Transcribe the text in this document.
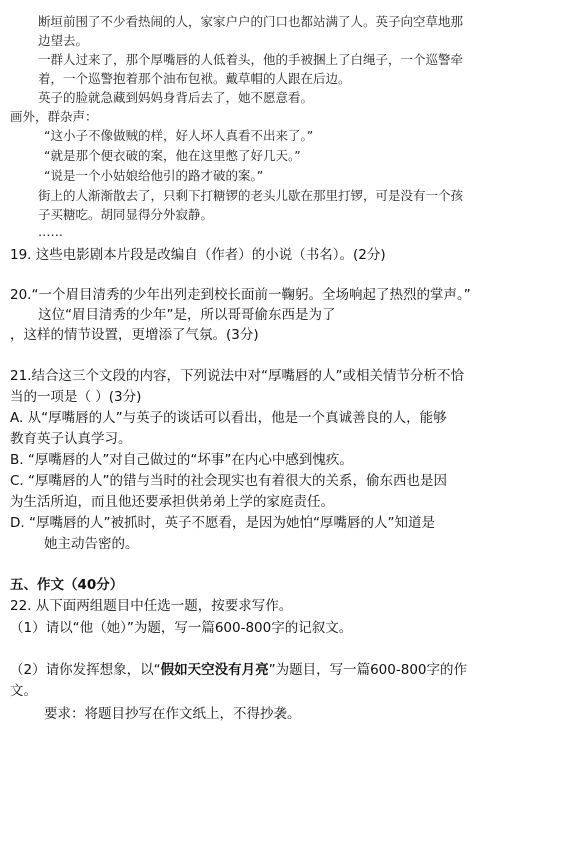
断垣前围了不少看热闹的人，家家户户的门口也都站满了人。英子向空草地那
边望去。
一群人过来了，那个厚嘴唇的人低着头，他的手被捆上了白绳子，一个巡警牵
着，一个巡警抱着那个油布包袱。戴草帽的人跟在后边。
英子的脸就急藏到妈妈身背后去了，她不愿意看。
画外，群杂声：
“这小子不像做贼的样，好人坏人真看不出来了。”
“就是那个便衣破的案，他在这里憋了好几天。”
“说是一个小姑娘给他引的路才破的案。”
街上的人渐渐散去了，只剩下打糖锣的老头儿歇在那里打锣，可是没有一个孩
子买糖吃。胡同显得分外寂静。
……
19. 这些电影剧本片段是改编自（作者）的小说（书名）。(2分)
20.“一个眉目清秀的少年出列走到校长面前一鞠躬。全场响起了热烈的掌声。”
这位“眉目清秀的少年”是，所以哥哥偷东西是为了
，这样的情节设置，更增添了气氛。(3分)
21.结合这三个文段的内容，下列说法中对“厚嘴唇的人”或相关情节分析不恰
当的一项是（ ）(3分)
A. 从“厚嘴唇的人”与英子的谈话可以看出，他是一个真诚善良的人，能够
教育英子认真学习。
B. “厚嘴唇的人”对自己做过的“坏事”在内心中感到愧疚。
C. “厚嘴唇的人”的错与当时的社会现实也有着很大的关系，偷东西也是因
为生活所迫，而且他还要承担供弟弟上学的家庭责任。
D. “厚嘴唇的人”被抓时，英子不愿看，是因为她怕“厚嘴唇的人”知道是
她主动告密的。
五、作文（40分）
22. 从下面两组题目中任选一题，按要求写作。
（1）请以“他（她）”为题，写一篇600-800字的记叙文。
（2）请你发挥想象，以“假如天空没有月亮”为题目，写一篇600-800字的作
文。
要求：将题目抄写在作文纸上，不得抄袭。
